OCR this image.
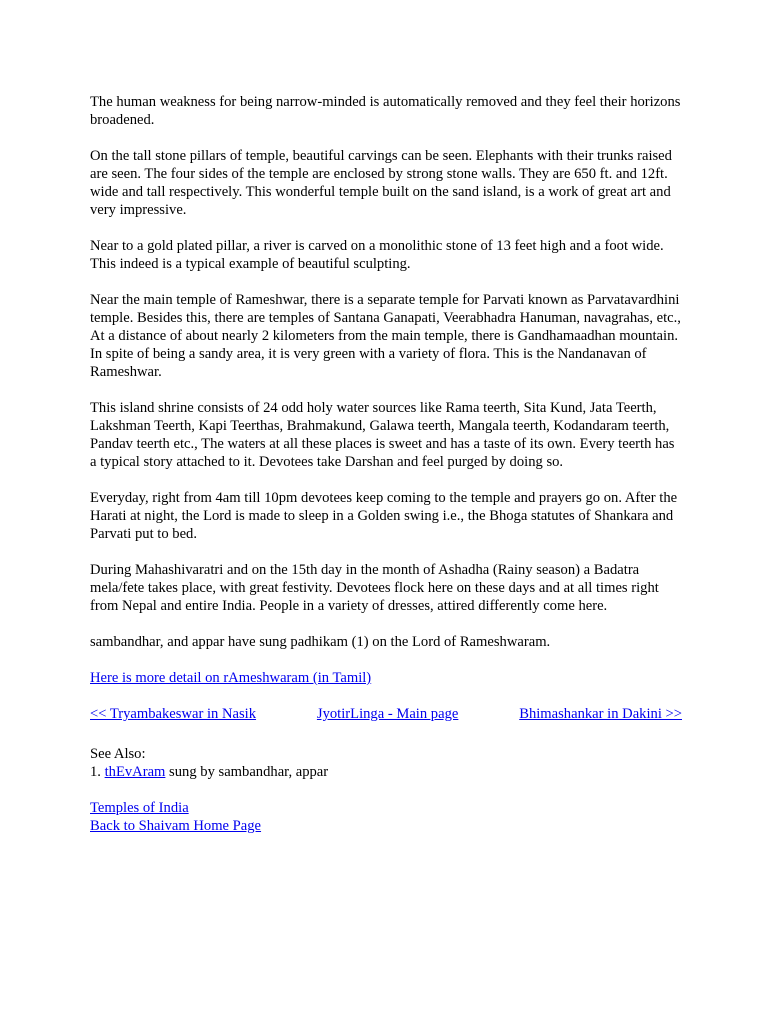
The human weakness for being narrow-minded is automatically removed and they feel their horizons broadened.

On the tall stone pillars of temple, beautiful carvings can be seen. Elephants with their trunks raised are seen. The four sides of the temple are enclosed by strong stone walls. They are 650 ft. and 12ft. wide and tall respectively. This wonderful temple built on the sand island, is a work of great art and very impressive.

Near to a gold plated pillar, a river is carved on a monolithic stone of 13 feet high and a foot wide. This indeed is a typical example of beautiful sculpting.

Near the main temple of Rameshwar, there is a separate temple for Parvati known as Parvatavardhini temple. Besides this, there are temples of Santana Ganapati, Veerabhadra Hanuman, navagrahas, etc., At a distance of about nearly 2 kilometers from the main temple, there is Gandhamaadhan mountain. In spite of being a sandy area, it is very green with a variety of flora. This is the Nandanavan of Rameshwar.

This island shrine consists of 24 odd holy water sources like Rama teerth, Sita Kund, Jata Teerth, Lakshman Teerth, Kapi Teerthas, Brahmakund, Galawa teerth, Mangala teerth, Kodandaram teerth, Pandav teerth etc., The waters at all these places is sweet and has a taste of its own. Every teerth has a typical story attached to it. Devotees take Darshan and feel purged by doing so.

Everyday, right from 4am till 10pm devotees keep coming to the temple and prayers go on. After the Harati at night, the Lord is made to sleep in a Golden swing i.e., the Bhoga statutes of Shankara and Parvati put to bed.

During Mahashivaratri and on the 15th day in the month of Ashadha (Rainy season) a Badatra mela/fete takes place, with great festivity. Devotees flock here on these days and at all times right from Nepal and entire India. People in a variety of dresses, attired differently come here.

sambandhar, and appar have sung padhikam (1) on the Lord of Rameshwaram.

Here is more detail on rAmeshwaram (in Tamil)

<< Tryambakeswar in Nasik	JyotirLinga - Main page	Bhimashankar in Dakini >>
See Also:
1. thEvAram sung by sambandhar, appar
Temples of India
Back to Shaivam Home Page
